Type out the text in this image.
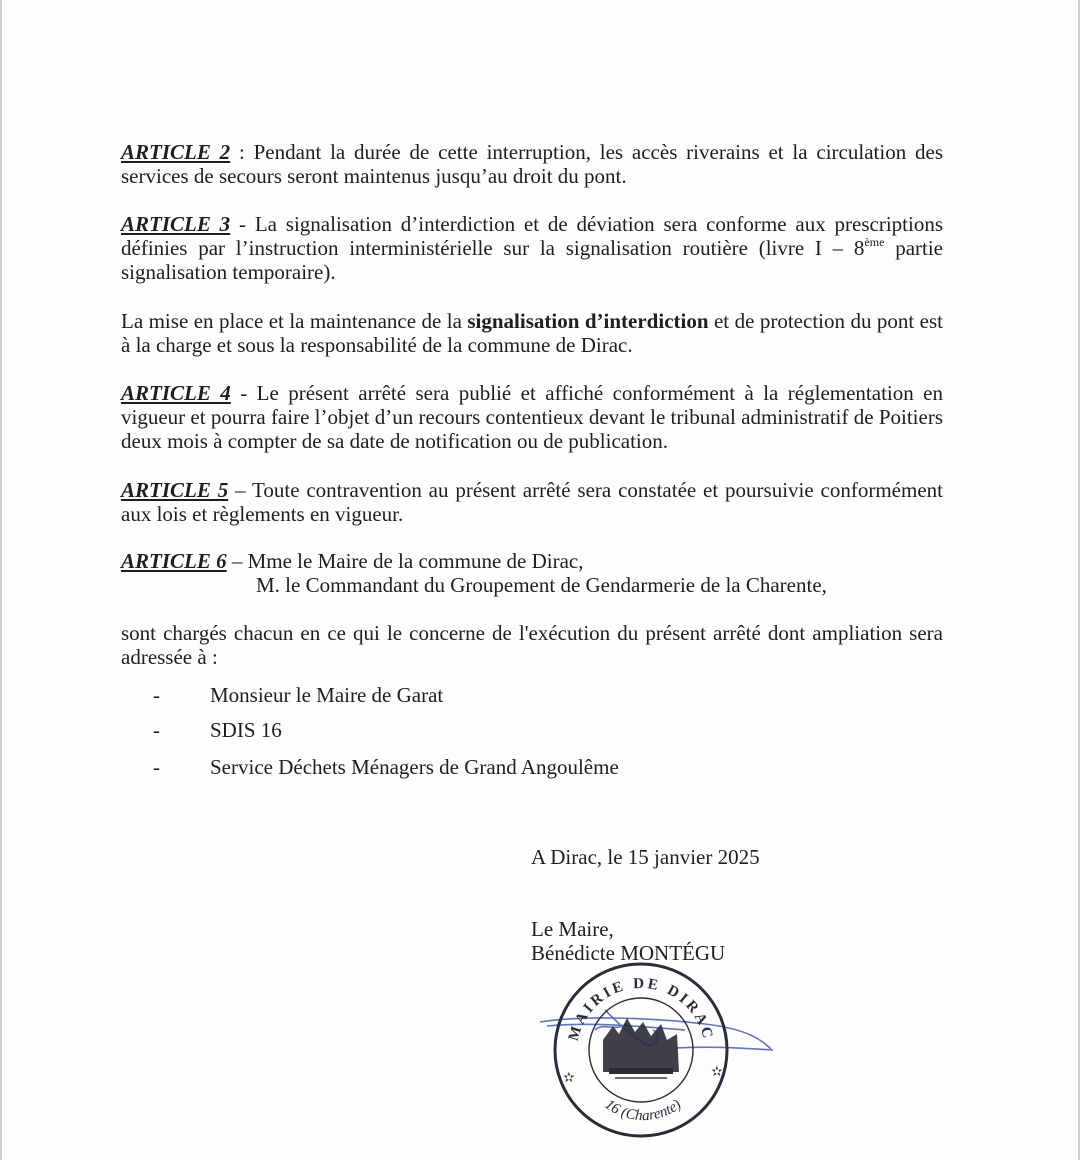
ARTICLE 2 : Pendant la durée de cette interruption, les accès riverains et la circulation des services de secours seront maintenus jusqu’au droit du pont.
ARTICLE 3 - La signalisation d’interdiction et de déviation sera conforme aux prescriptions définies par l’instruction interministérielle sur la signalisation routière (livre I – 8ème partie signalisation temporaire).
La mise en place et la maintenance de la signalisation d’interdiction et de protection du pont est à la charge et sous la responsabilité de la commune de Dirac.
ARTICLE 4 - Le présent arrêté sera publié et affiché conformément à la réglementation en vigueur et pourra faire l’objet d’un recours contentieux devant le tribunal administratif de Poitiers deux mois à compter de sa date de notification ou de publication.
ARTICLE 5 – Toute contravention au présent arrêté sera constatée et poursuivie conformément aux lois et règlements en vigueur.
ARTICLE 6 – Mme le Maire de la commune de Dirac,
M. le Commandant du Groupement de Gendarmerie de la Charente,
sont chargés chacun en ce qui le concerne de l'exécution du présent arrêté dont ampliation sera adressée à :
- Monsieur le Maire de Garat
- SDIS 16
- Service Déchets Ménagers de Grand Angoulême
A Dirac, le 15 janvier 2025
Le Maire,
Bénédicte MONTÉGU
MAIRIE DE DIRAC
16 (Charente)
✫	✫
